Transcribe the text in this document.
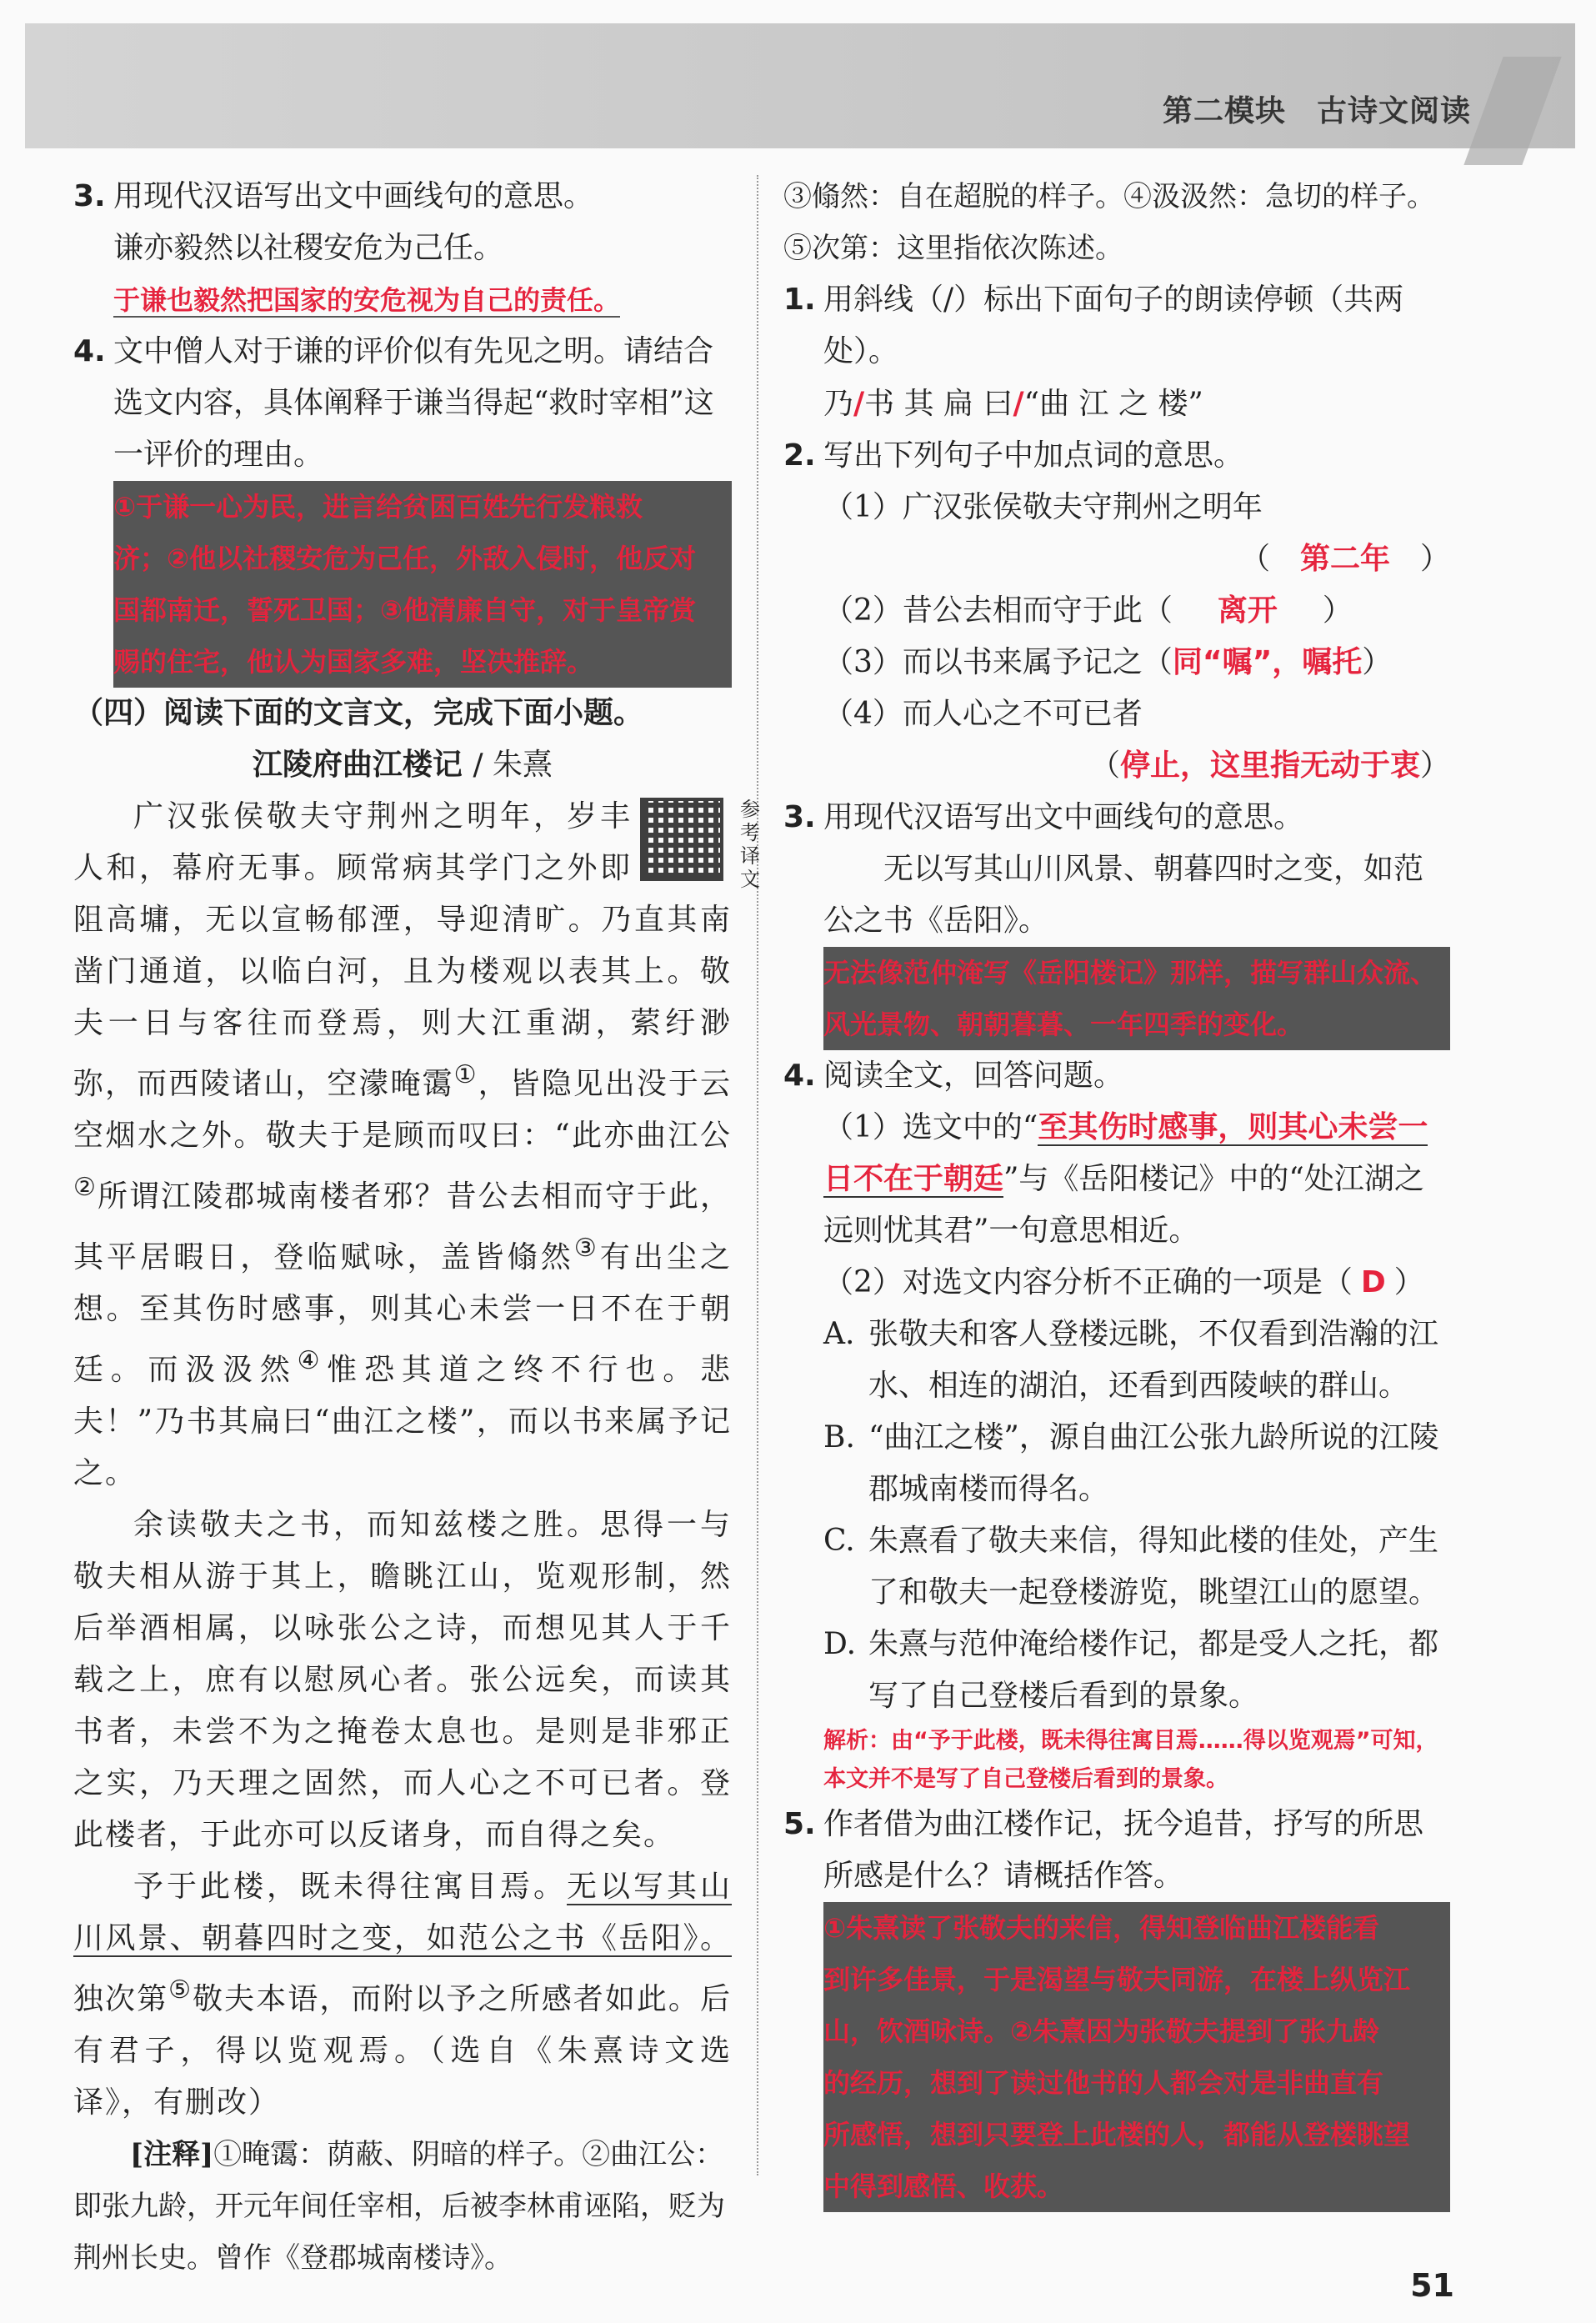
第二模块　古诗文阅读
3. 用现代汉语写出文中画线句的意思。

谦亦毅然以社稷安危为己任。

于谦也毅然把国家的安危视为自己的责任。

4. 文中僧人对于谦的评价似有先见之明。请结合选文内容，具体阐释于谦当得起“救时宰相”这一评价的理由。
①于谦一心为民，进言给贫困百姓先行发粮救
济；②他以社稷安危为己任，外敌入侵时，他反对
国都南迁，誓死卫国；③他清廉自守，对于皇帝赏
赐的住宅，他认为国家多难，坚决推辞。

（四）阅读下面的文言文，完成下面小题。

江陵府曲江楼记 / 朱熹

参考译文

广汉张侯敬夫守荆州之明年，岁丰人和，幕府无事。顾常病其学门之外即阻高墉，无以宣畅郁湮，导迎清旷。乃直其南凿门通道，以临白河，且为楼观以表其上。敬夫一日与客往而登焉，则大江重湖，萦纡渺弥，而西陵诸山，空濛晻霭①，皆隐见出没于云空烟水之外。敬夫于是顾而叹曰：“此亦曲江公②所谓江陵郡城南楼者邪？昔公去相而守于此，其平居暇日，登临赋咏，盖皆翛然③有出尘之想。至其伤时感事，则其心未尝一日不在于朝廷。而汲汲然④惟恐其道之终不行也。悲夫！”乃书其扁曰“曲江之楼”，而以书来属予记之。

余读敬夫之书，而知兹楼之胜。思得一与敬夫相从游于其上，瞻眺江山，览观形制，然后举酒相属，以咏张公之诗，而想见其人于千载之上，庶有以慰夙心者。张公远矣，而读其书者，未尝不为之掩卷太息也。是则是非邪正之实，乃天理之固然，而人心之不可已者。登此楼者，于此亦可以反诸身，而自得之矣。

予于此楼，既未得往寓目焉。无以写其山川风景、朝暮四时之变，如范公之书《岳阳》。独次第⑤敬夫本语，而附以予之所感者如此。后有君子，得以览观焉。（选自《朱熹诗文选译》，有删改）

[注释]①晻霭：荫蔽、阴暗的样子。②曲江公：即张九龄，开元年间任宰相，后被李林甫诬陷，贬为荆州长史。曾作《登郡城南楼诗》。

③翛然：自在超脱的样子。④汲汲然：急切的样子。⑤次第：这里指依次陈述。

1. 用斜线（/）标出下面句子的朗读停顿（共两处）。

乃/书 其 扁 曰/“曲 江 之 楼”

2. 写出下列句子中加点词的意思。

（1）广汉张侯敬夫守荆州之明年

（ 第二年 ）

（2）昔公去相而守于此（ 离开 ）

（3）而以书来属予记之（同“嘱”，嘱托）

（4）而人心之不可已者

（停止，这里指无动于衷）

3. 用现代汉语写出文中画线句的意思。

无以写其山川风景、朝暮四时之变，如范公之书《岳阳》。

无法像范仲淹写《岳阳楼记》那样，描写群山众流、
风光景物、朝朝暮暮、一年四季的变化。
4. 阅读全文，回答问题。

（1）选文中的“至其伤时感事，则其心未尝一日不在于朝廷”与《岳阳楼记》中的“处江湖之远则忧其君”一句意思相近。

（2）对选文内容分析不正确的一项是（ D ）

A. 张敬夫和客人登楼远眺，不仅看到浩瀚的江水、相连的湖泊，还看到西陵峡的群山。
B. “曲江之楼”，源自曲江公张九龄所说的江陵郡城南楼而得名。
C. 朱熹看了敬夫来信，得知此楼的佳处，产生了和敬夫一起登楼游览，眺望江山的愿望。
D. 朱熹与范仲淹给楼作记，都是受人之托，都写了自己登楼后看到的景象。

解析：由“予于此楼，既未得往寓目焉……得以览观焉”可知，本文并不是写了自己登楼后看到的景象。

5. 作者借为曲江楼作记，抚今追昔，抒写的所思所感是什么？请概括作答。
①朱熹读了张敬夫的来信，得知登临曲江楼能看
到许多佳景，于是渴望与敬夫同游，在楼上纵览江
山，饮酒咏诗。②朱熹因为张敬夫提到了张九龄
的经历，想到了读过他书的人都会对是非曲直有
所感悟，想到只要登上此楼的人，都能从登楼眺望
中得到感悟、收获。
51
